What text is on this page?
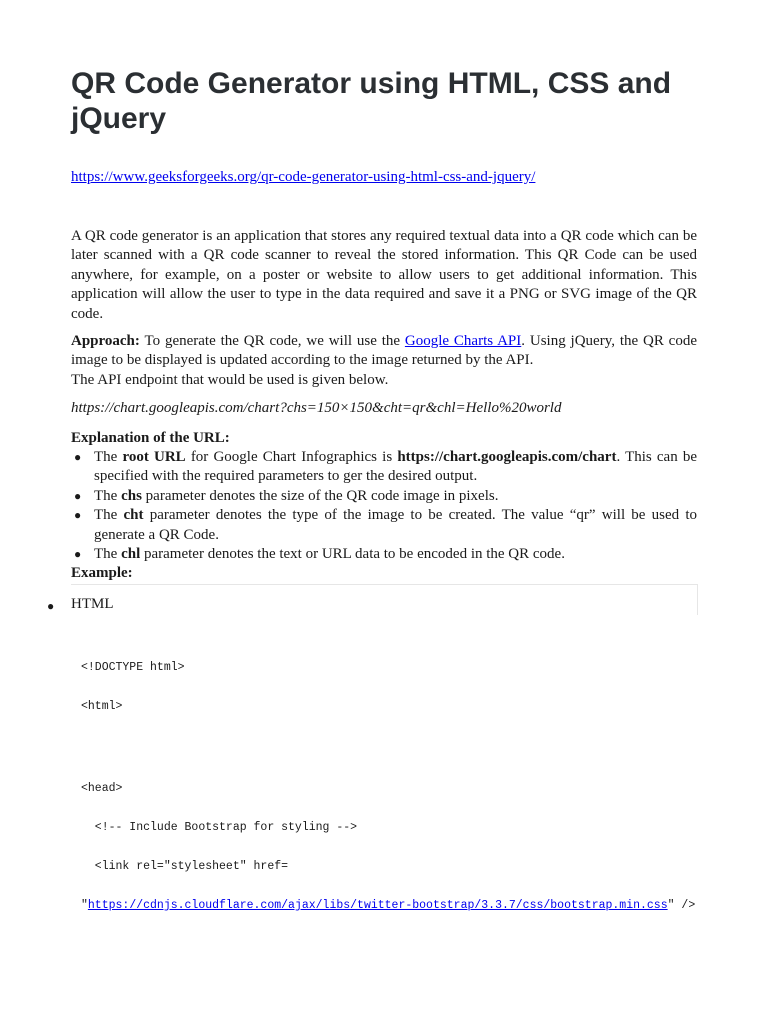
QR Code Generator using HTML, CSS and jQuery
https://www.geeksforgeeks.org/qr-code-generator-using-html-css-and-jquery/

A QR code generator is an application that stores any required textual data into a QR code which can be later scanned with a QR code scanner to reveal the stored information. This QR Code can be used anywhere, for example, on a poster or website to allow users to get additional information. This application will allow the user to type in the data required and save it a PNG or SVG image of the QR code.

Approach: To generate the QR code, we will use the Google Charts API. Using jQuery, the QR code image to be displayed is updated according to the image returned by the API.
The API endpoint that would be used is given below.

https://chart.googleapis.com/chart?chs=150×150&cht=qr&chl=Hello%20world

Explanation of the URL:

● The root URL for Google Chart Infographics is https://chart.googleapis.com/chart. This can be specified with the required parameters to ger the desired output.
● The chs parameter denotes the size of the QR code image in pixels.
● The cht parameter denotes the type of the image to be created. The value “qr” will be used to generate a QR Code.
● The chl parameter denotes the text or URL data to be encoded in the QR code.

Example:

● HTML
<!DOCTYPE html>
<html>
<head>
<!-- Include Bootstrap for styling -->
<link rel="stylesheet" href=
"https://cdnjs.cloudflare.com/ajax/libs/twitter-bootstrap/3.3.7/css/bootstrap.min.css" />
